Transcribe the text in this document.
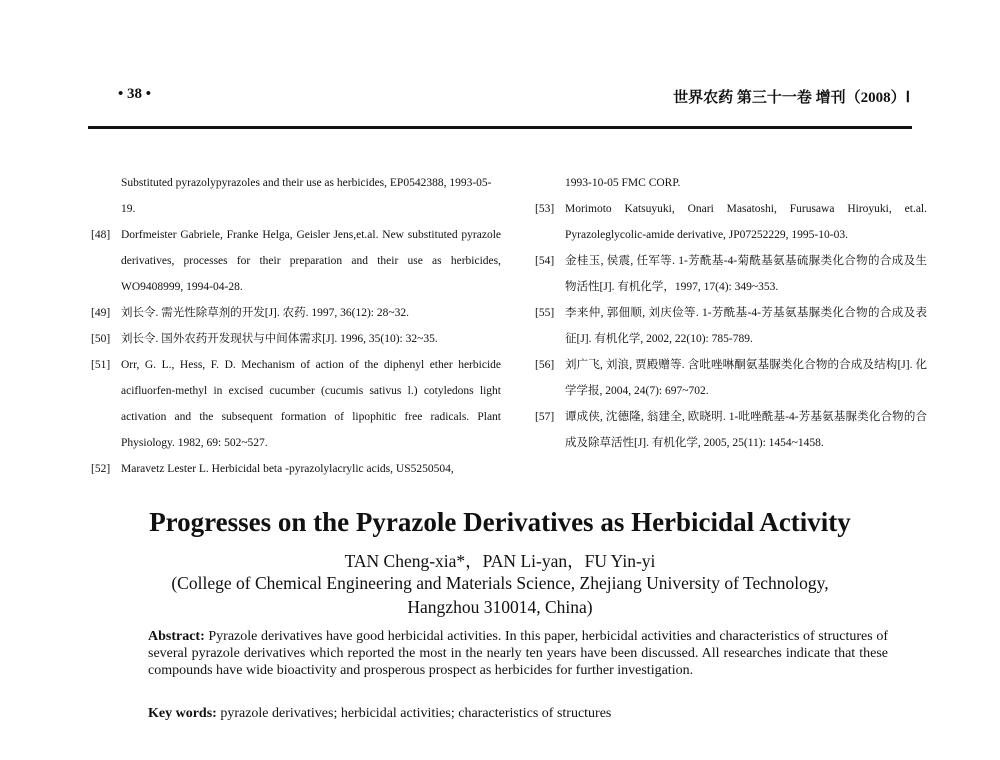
• 38 •	世界农药 第三十一卷 增刊（2008）Ⅰ
Substituted pyrazolypyrazoles and their use as herbicides, EP0542388, 1993-05-19.
[48] Dorfmeister Gabriele, Franke Helga, Geisler Jens,et.al. New substituted pyrazole derivatives, processes for their preparation and their use as herbicides, WO9408999, 1994-04-28.
[49] 刘长令. 需光性除草剂的开发[J]. 农药. 1997, 36(12): 28~32.
[50] 刘长令. 国外农药开发现状与中间体需求[J]. 1996, 35(10): 32~35.
[51] Orr, G. L., Hess, F. D. Mechanism of action of the diphenyl ether herbicide acifluorfen-methyl in excised cucumber (cucumis sativus l.) cotyledons light activation and the subsequent formation of lipophitic free radicals. Plant Physiology. 1982, 69: 502~527.
[52] Maravetz Lester L. Herbicidal beta -pyrazolylacrylic acids, US5250504,
1993-10-05 FMC CORP.
[53] Morimoto Katsuyuki, Onari Masatoshi, Furusawa Hiroyuki, et.al. Pyrazoleglycolic-amide derivative, JP07252229, 1995-10-03.
[54] 金桂玉, 侯震, 任军等. 1-芳酰基-4-菊酰基氨基硫脲类化合物的合成及生物活性[J]. 有机化学，1997, 17(4): 349~353.
[55] 李来仲, 郭佃顺, 刘庆俭等. 1-芳酰基-4-芳基氨基脲类化合物的合成及表征[J]. 有机化学, 2002, 22(10): 785-789.
[56] 刘广飞, 刘浪, 贾殿赠等. 含吡唑啉酮氨基脲类化合物的合成及结构[J]. 化学学报, 2004, 24(7): 697~702.
[57] 谭成侠, 沈德隆, 翁建全, 欧晓明. 1-吡唑酰基-4-芳基氨基脲类化合物的合成及除草活性[J]. 有机化学, 2005, 25(11): 1454~1458.
Progresses on the Pyrazole Derivatives as Herbicidal Activity
TAN Cheng-xia*，PAN Li-yan，FU Yin-yi
(College of Chemical Engineering and Materials Science, Zhejiang University of Technology,
Hangzhou 310014, China)
Abstract: Pyrazole derivatives have good herbicidal activities. In this paper, herbicidal activities and characteristics of structures of several pyrazole derivatives which reported the most in the nearly ten years have been discussed. All researches indicate that these compounds have wide bioactivity and prosperous prospect as herbicides for further investigation.
Key words: pyrazole derivatives; herbicidal activities; characteristics of structures
